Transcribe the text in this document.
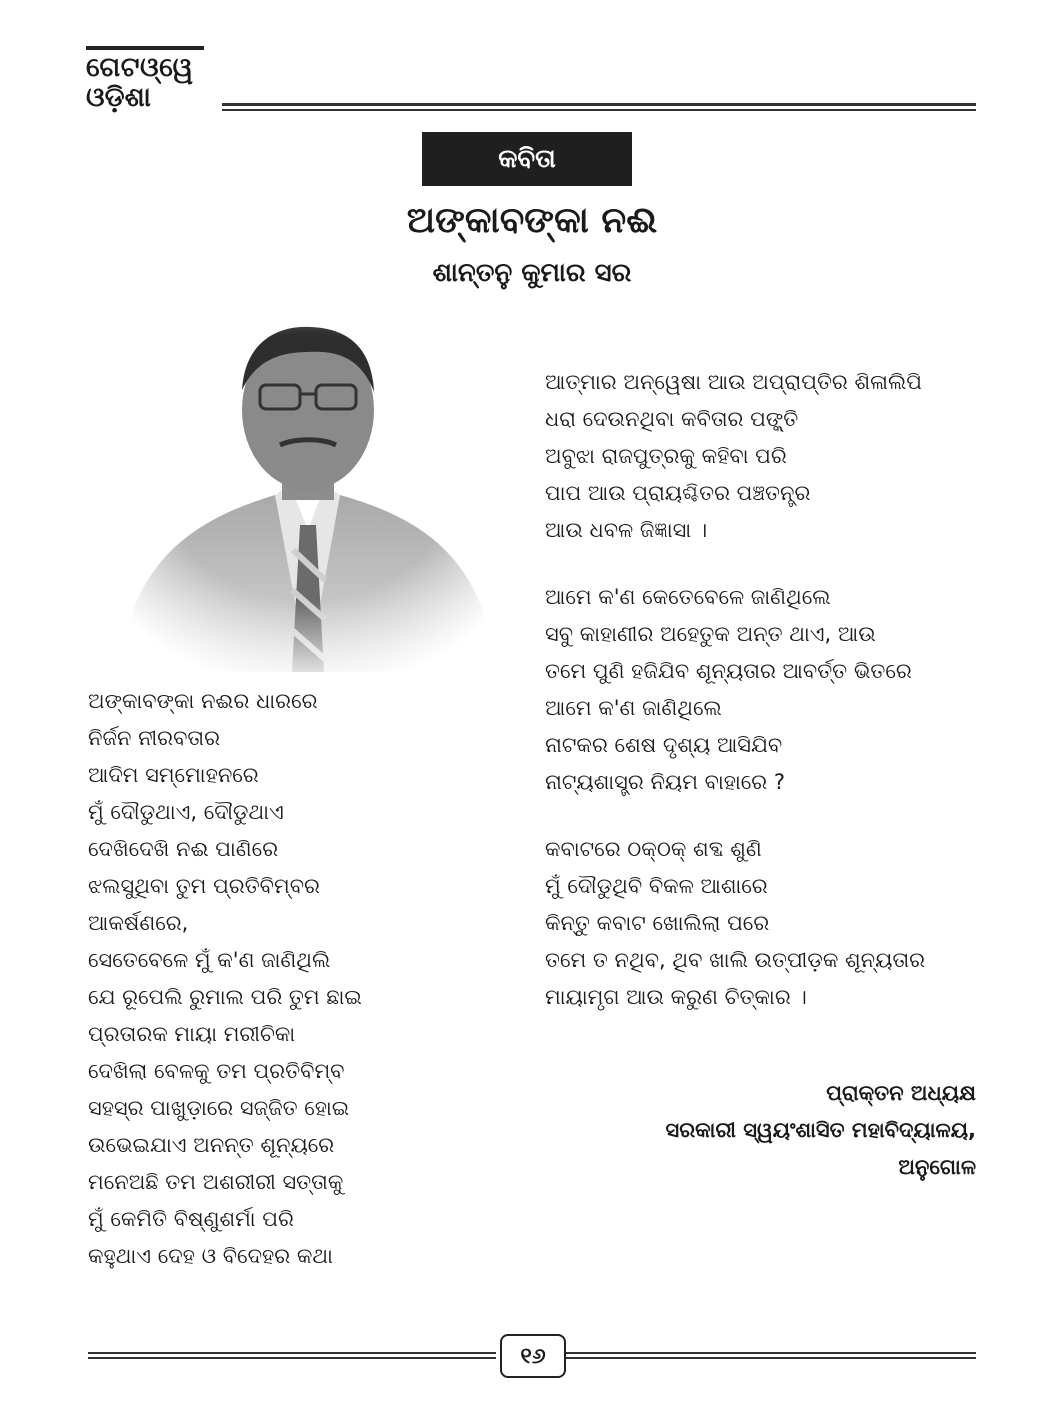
ଗେଟଓ୍ୱେ
ଓଡ଼ିଶା
କବିତା
ଅଙ୍କାବଙ୍କା ନଈ
ଶାନ୍ତନୁ କୁମାର ସର
ଅଙ୍କାବଙ୍କା ନଈର ଧାରରେ
ନିର୍ଜନ ନୀରବତାର
ଆଦିମ ସମ୍ମୋହନରେ
ମୁଁ ଦୌଡୁଥାଏ, ଦୌଡୁଥାଏ
ଦେଖିଦେଖି ନଈ ପାଣିରେ
ଝଲସୁଥିବା ତୁମ ପ୍ରତିବିମ୍ବର
ଆକର୍ଷଣରେ,
ସେତେବେଳେ ମୁଁ କ'ଣ ଜାଣିଥିଲି
ଯେ ରୂପେଲି ରୁମାଲ ପରି ତୁମ ଛାଇ
ପ୍ରତାରକ ମାୟା ମରୀଚିକା
ଦେଖିଲା ବେଳକୁ ତମ ପ୍ରତିବିମ୍ବ
ସହସ୍ର ପାଖୁଡ଼ାରେ ସଜ୍ଜିତ ହୋଇ
ଉଭେଇଯାଏ ଅନନ୍ତ ଶୂନ୍ୟରେ
ମନେଅଛି ତମ ଅଶରୀରୀ ସତ୍ତାକୁ
ମୁଁ କେମିତି ବିଷ୍ଣୁଶର୍ମା ପରି
କହୁଥାଏ ଦେହ ଓ ବିଦେହର କଥା
ଆତ୍ମାର ଅନ୍ୱେଷା ଆଉ ଅପ୍ରାପ୍ତିର ଶିଳାଲିପି
ଧରା ଦେଉନଥିବା କବିତାର ପଙ୍କ୍ତି
ଅବୁଝା ରାଜପୁତ୍ରକୁ କହିବା ପରି
ପାପ ଆଉ ପ୍ରାୟଶ୍ଚିତର ପଞ୍ଚତନ୍ତ୍ର
ଆଉ ଧବଳ ଜିଜ୍ଞାସା ।
ଆମେ କ'ଣ କେତେବେଳେ ଜାଣିଥିଲେ
ସବୁ କାହାଣୀର ଅହେତୁକ ଅନ୍ତ ଥାଏ, ଆଉ
ତମେ ପୁଣି ହଜିଯିବ ଶୂନ୍ୟତାର ଆବର୍ତ୍ତ ଭିତରେ
ଆମେ କ'ଣ ଜାଣିଥିଲେ
ନାଟକର ଶେଷ ଦୃଶ୍ୟ ଆସିଯିବ
ନାଟ୍ୟଶାସ୍ତ୍ର ନିୟମ ବାହାରେ ?
କବାଟରେ ଠକ୍‌ଠକ୍ ଶବ୍ଦ ଶୁଣି
ମୁଁ ଦୌଡୁଥିବି ବିକଳ ଆଶାରେ
କିନ୍ତୁ କବାଟ ଖୋଲିଲା ପରେ
ତମେ ତ ନଥିବ, ଥିବ ଖାଲି ଉତ୍ପୀଡ଼କ ଶୂନ୍ୟତାର
ମାୟାମୃଗ ଆଉ କରୁଣ ଚିତ୍କାର ।
ପ୍ରାକ୍ତନ ଅଧ୍ୟକ୍ଷ
ସରକାରୀ ସ୍ୱୟଂଶାସିତ ମହାବିଦ୍ୟାଳୟ,
ଅନୁଗୋଳ
୧୬
